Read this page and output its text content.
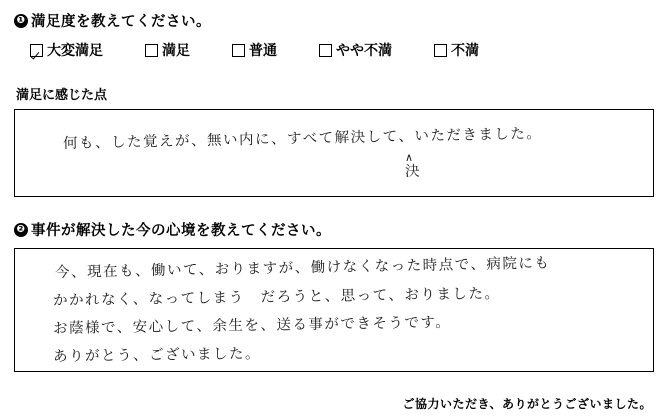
❶ 満足度を教えてください。
大変満足	満足	普通	やや不満	不満
満足に感じた点
何も、した覚えが、無い内に、すべて解決して、いただきました。
∧
決
❷ 事件が解決した今の心境を教えてください。
今、現在も、働いて、おりますが、働けなくなった時点で、病院にも
かかれなく、なってしまう　だろうと、思って、おりました。
お蔭様で、安心して、余生を、送る事ができそうです。
ありがとう、ございました。
ご協力いただき、ありがとうございました。
